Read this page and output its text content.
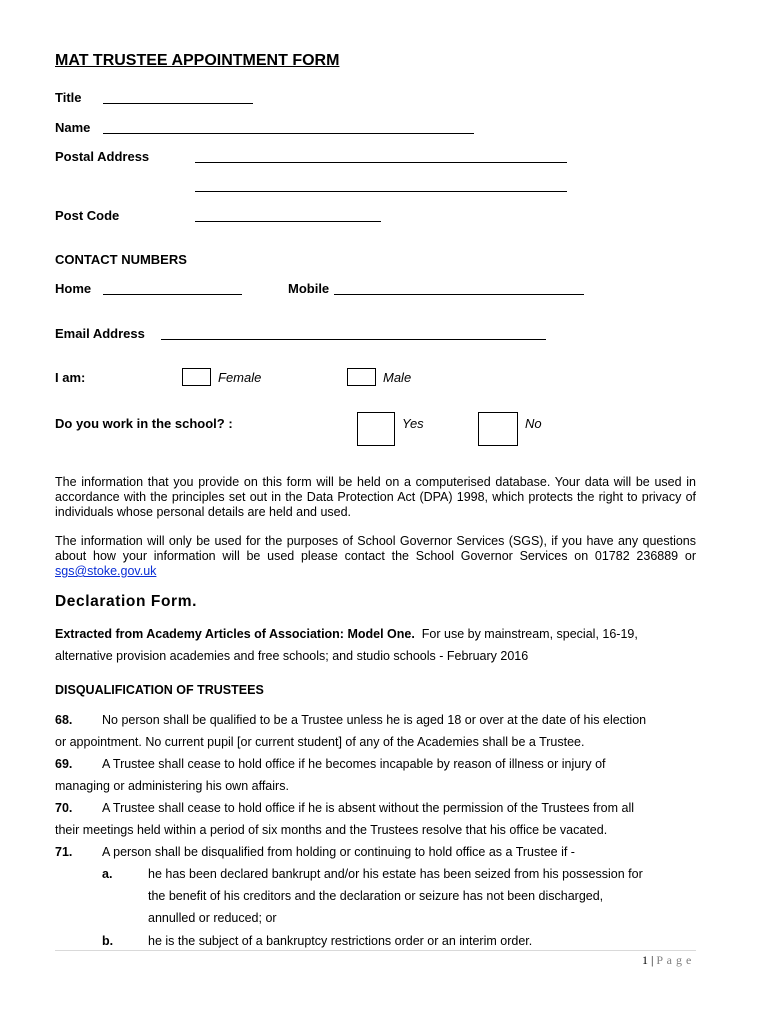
MAT TRUSTEE APPOINTMENT FORM
Title
Name
Postal Address
Post Code
CONTACT NUMBERS
Home	Mobile
Email Address
I am:	Female	Male
Do you work in the school? :	Yes	No
The information that you provide on this form will be held on a computerised database. Your data will be used in accordance with the principles set out in the Data Protection Act (DPA) 1998, which protects the right to privacy of individuals whose personal details are held and used.
The information will only be used for the purposes of School Governor Services (SGS), if you have any questions about how your information will be used please contact the School Governor Services on 01782 236889 or sgs@stoke.gov.uk
Declaration Form.
Extracted from Academy Articles of Association: Model One. For use by mainstream, special, 16-19,
alternative provision academies and free schools; and studio schools - February 2016
DISQUALIFICATION OF TRUSTEES
68. No person shall be qualified to be a Trustee unless he is aged 18 or over at the date of his election
or appointment. No current pupil [or current student] of any of the Academies shall be a Trustee.
69. A Trustee shall cease to hold office if he becomes incapable by reason of illness or injury of
managing or administering his own affairs.
70. A Trustee shall cease to hold office if he is absent without the permission of the Trustees from all
their meetings held within a period of six months and the Trustees resolve that his office be vacated.
71. A person shall be disqualified from holding or continuing to hold office as a Trustee if -
a.	he has been declared bankrupt and/or his estate has been seized from his possession for
the benefit of his creditors and the declaration or seizure has not been discharged,
annulled or reduced; or
b.	he is the subject of a bankruptcy restrictions order or an interim order.
1 | P a g e
